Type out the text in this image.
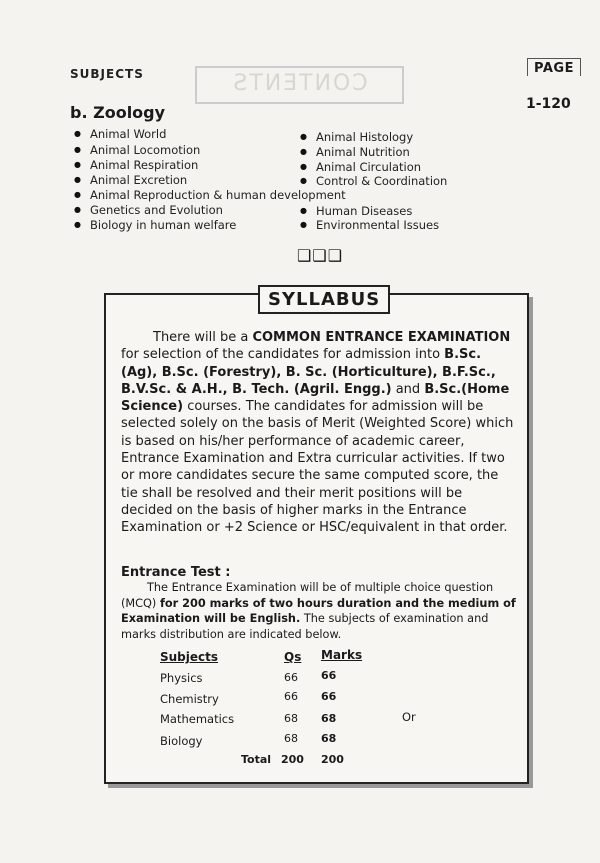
SUBJECTS	CONTENTS
PAGE
1-120
b. Zoology
● Animal World
● Animal Locomotion
● Animal Respiration
● Animal Excretion
● Animal Reproduction & human development
● Genetics and Evolution
● Biology in human welfare
● Animal Histology
● Animal Nutrition
● Animal Circulation
● Control & Coordination
● Human Diseases
● Environmental Issues
❑❑❑
SYLLABUS
There will be a COMMON ENTRANCE EXAMINATION for selection of the candidates for admission into B.Sc.(Ag), B.Sc. (Forestry), B. Sc. (Horticulture), B.F.Sc., B.V.Sc. & A.H., B. Tech. (Agril. Engg.) and B.Sc.(Home Science) courses. The candidates for admission will be selected solely on the basis of Merit (Weighted Score) which is based on his/her performance of academic career, Entrance Examination and Extra curricular activities. If two or more candidates secure the same computed score, the tie shall be resolved and their merit positions will be decided on the basis of higher marks in the Entrance Examination or +2 Science or HSC/equivalent in that order.
Entrance Test :
The Entrance Examination will be of multiple choice question (MCQ) for 200 marks of two hours duration and the medium of Examination will be English. The subjects of examination and marks distribution are indicated below.
Subjects	Qs Marks
Physics	66 66
Chemistry	66 66
Mathematics	68 68	Or
Biology	68 68
Total 200 200
